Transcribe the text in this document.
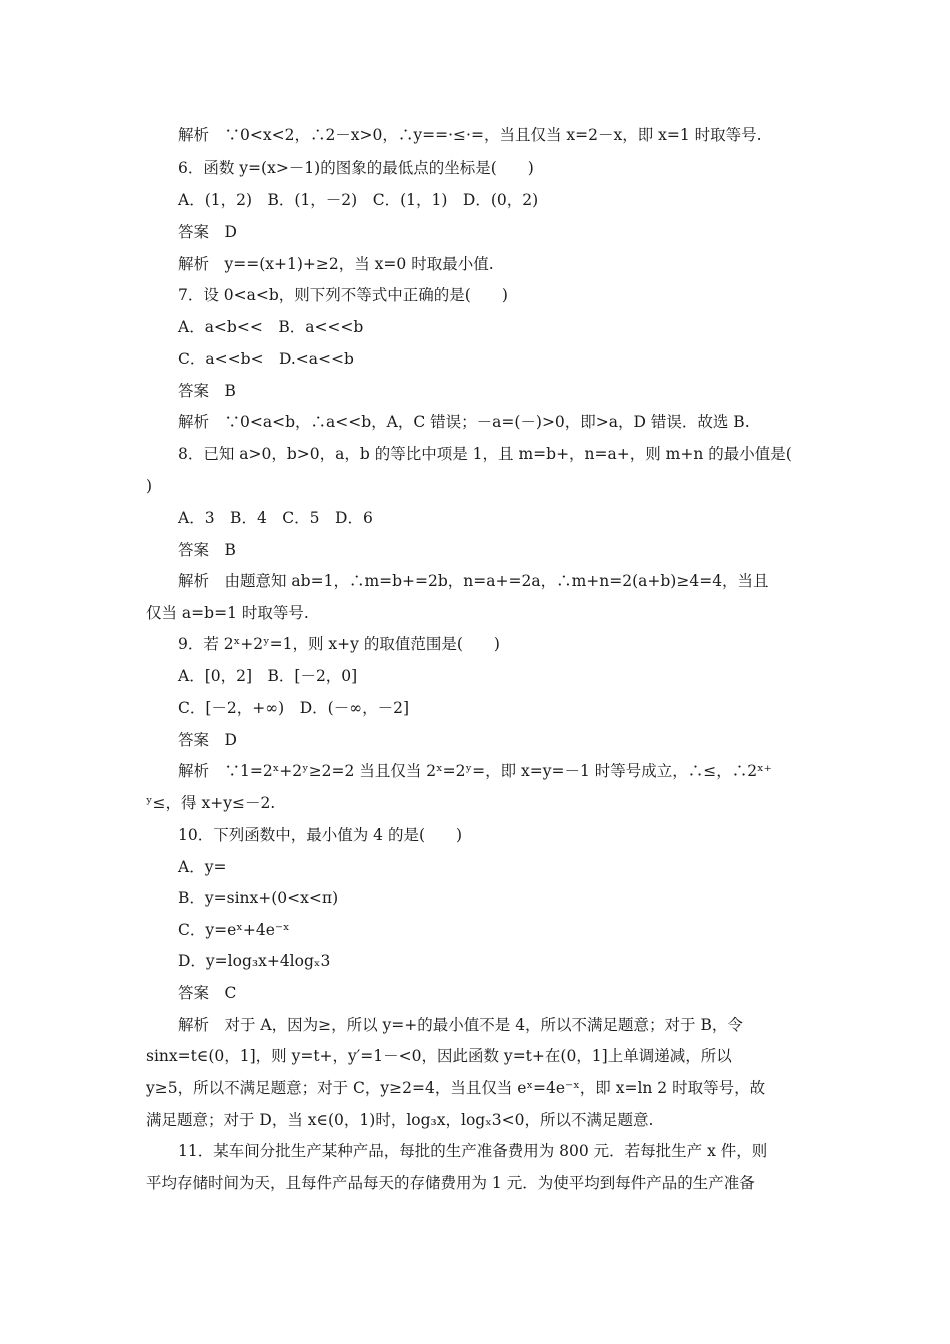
解析　∵0<x<2，∴2－x>0，∴y==·≤·=，当且仅当 x=2－x，即 x=1 时取等号.
6．函数 y=(x>－1)的图象的最低点的坐标是(　　)
A．(1，2)　B．(1，－2)　C．(1，1)　D．(0，2)
答案　D
解析　y==(x+1)+≥2，当 x=0 时取最小值.
7．设 0<a<b，则下列不等式中正确的是(　　)
A．a<b<<　B．a<<<b
C．a<<b<　D.<a<<b
答案　B
解析　∵0<a<b，∴a<<b，A，C 错误；－a=(－)>0，即>a，D 错误．故选 B.
8．已知 a>0，b>0，a，b 的等比中项是 1，且 m=b+，n=a+，则 m+n 的最小值是(
)
A．3　B．4　C．5　D．6
答案　B
解析　由题意知 ab=1，∴m=b+=2b，n=a+=2a，∴m+n=2(a+b)≥4=4，当且
仅当 a=b=1 时取等号.
9．若 2ˣ+2ʸ=1，则 x+y 的取值范围是(　　)
A．[0，2]　B．[－2，0]
C．[－2，+∞)　D．(－∞，－2]
答案　D
解析　∵1=2ˣ+2ʸ≥2=2 当且仅当 2ˣ=2ʸ=，即 x=y=－1 时等号成立，∴≤，∴2ˣ⁺
ʸ≤，得 x+y≤－2.
10．下列函数中，最小值为 4 的是(　　)
A．y=
B．y=sinx+(0<x<π)
C．y=eˣ+4e⁻ˣ
D．y=log₃x+4logₓ3
答案　C
解析　对于 A，因为≥，所以 y=+的最小值不是 4，所以不满足题意；对于 B，令
sinx=t∈(0，1]，则 y=t+，y′=1－<0，因此函数 y=t+在(0，1]上单调递减，所以
y≥5，所以不满足题意；对于 C，y≥2=4，当且仅当 eˣ=4e⁻ˣ，即 x=ln 2 时取等号，故
满足题意；对于 D，当 x∈(0，1)时，log₃x，logₓ3<0，所以不满足题意.
11．某车间分批生产某种产品，每批的生产准备费用为 800 元．若每批生产 x 件，则
平均存储时间为天，且每件产品每天的存储费用为 1 元．为使平均到每件产品的生产准备
